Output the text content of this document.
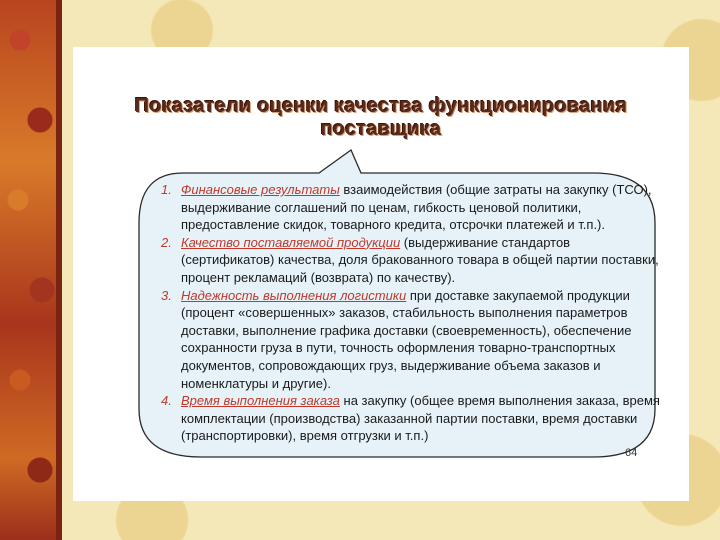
Показатели оценки качества функционирования
поставщика
1. Финансовые результаты взаимодействия (общие затраты на закупку (ТСО), выдерживание соглашений по ценам, гибкость ценовой политики, предоставление скидок, товарного кредита, отсрочки платежей и т.п.).
2. Качество поставляемой продукции (выдерживание стандартов (сертификатов) качества, доля бракованного товара в общей партии поставки, процент рекламаций (возврата) по качеству).
3. Надежность выполнения логистики при доставке закупаемой продукции (процент «совершенных» заказов, стабильность выполнения параметров доставки, выполнение графика доставки (своевременность), обеспечение сохранности груза в пути, точность оформления товарно-транспортных документов, сопровождающих груз, выдерживание объема заказов и номенклатуры и другие).
4. Время выполнения заказа на закупку (общее время выполнения заказа, время комплектации (производства) заказанной партии поставки, время доставки (транспортировки), время отгрузки и т.п.)
64
